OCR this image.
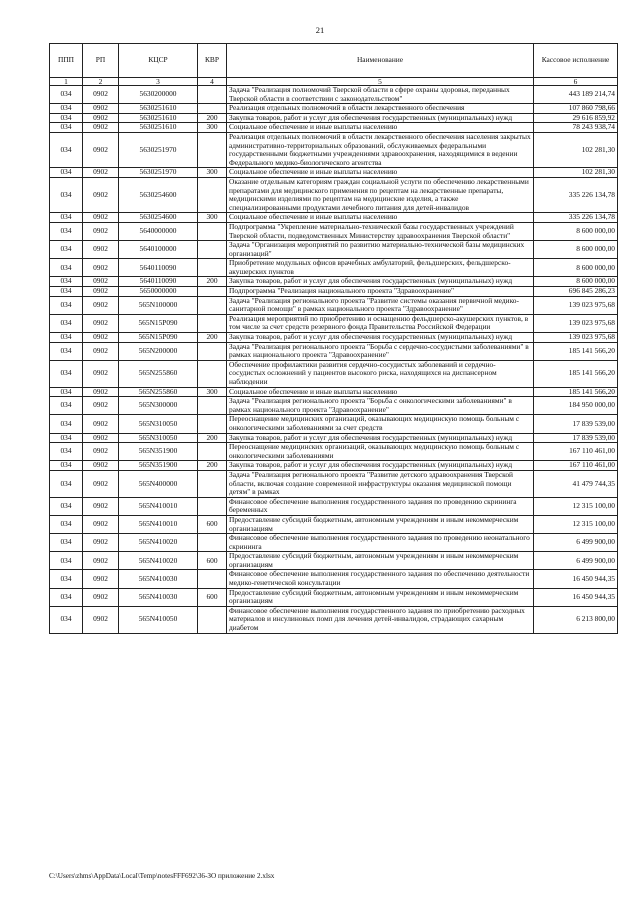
21
ППП	РП	КЦСР	КВР	Наименование	Кассовое исполнение
1	2	3	4	5	6
034	0902	5630200000		Задача "Реализация полномочий Тверской области в сфере охраны здоровья, переданных Тверской области в соответствии с законодательством"	443 189 214,74
034	0902	5630251610		Реализация отдельных полномочий в области лекарственного обеспечения	107 860 798,66
034	0902	5630251610	200	Закупка товаров, работ и услуг для обеспечения государственных (муниципальных) нужд	29 616 859,92
034	0902	5630251610	300	Социальное обеспечение и иные выплаты населению	78 243 938,74
034	0902	5630251970		Реализация отдельных полномочий в области лекарственного обеспечения населения закрытых административно-территориальных образований, обслуживаемых федеральными государственными бюджетными учреждениями здравоохранения, находящимися в ведении Федерального медико-биологического агентства	102 281,30
034	0902	5630251970	300	Социальное обеспечение и иные выплаты населению	102 281,30
034	0902	5630254600		Оказание отдельным категориям граждан социальной услуги по обеспечению лекарственными препаратами для медицинского применения по рецептам на лекарственные препараты, медицинскими изделиями по рецептам на медицинские изделия, а также специализированными продуктами лечебного питания для детей-инвалидов	335 226 134,78
034	0902	5630254600	300	Социальное обеспечение и иные выплаты населению	335 226 134,78
034	0902	5640000000		Подпрограмма "Укрепление материально-технической базы государственных учреждений Тверской области, подведомственных Министерству здравоохранения Тверской области"	8 600 000,00
034	0902	5640100000		Задача "Организация мероприятий по развитию материально-технической базы медицинских организаций"	8 600 000,00
034	0902	5640110090		Приобретение модульных офисов врачебных амбулаторий, фельдшерских, фельдшерско-акушерских пунктов	8 600 000,00
034	0902	5640110090	200	Закупка товаров, работ и услуг для обеспечения государственных (муниципальных) нужд	8 600 000,00
034	0902	5650000000		Подпрограмма "Реализация национального проекта "Здравоохранение"	696 845 286,23
034	0902	565N100000		Задача "Реализация регионального проекта "Развитие системы оказания первичной медико-санитарной помощи" в рамках национального проекта "Здравоохранение"	139 023 975,68
034	0902	565N15P090		Реализация мероприятий по приобретению и оснащению фельдшерско-акушерских пунктов, в том числе за счет средств резервного фонда Правительства Российской Федерации	139 023 975,68
034	0902	565N15P090	200	Закупка товаров, работ и услуг для обеспечения государственных (муниципальных) нужд	139 023 975,68
034	0902	565N200000		Задача "Реализация регионального проекта "Борьба с сердечно-сосудистыми заболеваниями" в рамках национального проекта "Здравоохранение"	185 141 566,20
034	0902	565N255860		Обеспечение профилактики развития сердечно-сосудистых заболеваний и сердечно-сосудистых осложнений у пациентов высокого риска, находящихся на диспансерном наблюдении	185 141 566,20
034	0902	565N255860	300	Социальное обеспечение и иные выплаты населению	185 141 566,20
034	0902	565N300000		Задача "Реализация регионального проекта "Борьба с онкологическими заболеваниями" в рамках национального проекта "Здравоохранение"	184 950 000,00
034	0902	565N310050		Переоснащение медицинских организаций, оказывающих медицинскую помощь больным с онкологическими заболеваниями за счет средств	17 839 539,00
034	0902	565N310050	200	Закупка товаров, работ и услуг для обеспечения государственных (муниципальных) нужд	17 839 539,00
034	0902	565N351900		Переоснащение медицинских организаций, оказывающих медицинскую помощь больным с онкологическими заболеваниями	167 110 461,00
034	0902	565N351900	200	Закупка товаров, работ и услуг для обеспечения государственных (муниципальных) нужд	167 110 461,00
034	0902	565N400000		Задача "Реализация регионального проекта "Развитие детского здравоохранения Тверской области, включая создание современной инфраструктуры оказания медицинской помощи детям" в рамках	41 479 744,35
034	0902	565N410010		Финансовое обеспечение выполнения государственного задания по проведению скрининга беременных	12 315 100,00
034	0902	565N410010	600	Предоставление субсидий бюджетным, автономным учреждениям и иным некоммерческим организациям	12 315 100,00
034	0902	565N410020		Финансовое обеспечение выполнения государственного задания по проведению неонатального скрининга	6 499 900,00
034	0902	565N410020	600	Предоставление субсидий бюджетным, автономным учреждениям и иным некоммерческим организациям	6 499 900,00
034	0902	565N410030		Финансовое обеспечение выполнения государственного задания по обеспечению деятельности медико-генетической консультации	16 450 944,35
034	0902	565N410030	600	Предоставление субсидий бюджетным, автономным учреждениям и иным некоммерческим организациям	16 450 944,35
034	0902	565N410050		Финансовое обеспечение выполнения государственного задания по приобретению расходных материалов и инсулиновых помп для лечения детей-инвалидов, страдающих сахарным диабетом	6 213 800,00
C:\Users\zhms\AppData\Local\Temp\notesFFF692\36-ЗО приложение 2.xlsx
